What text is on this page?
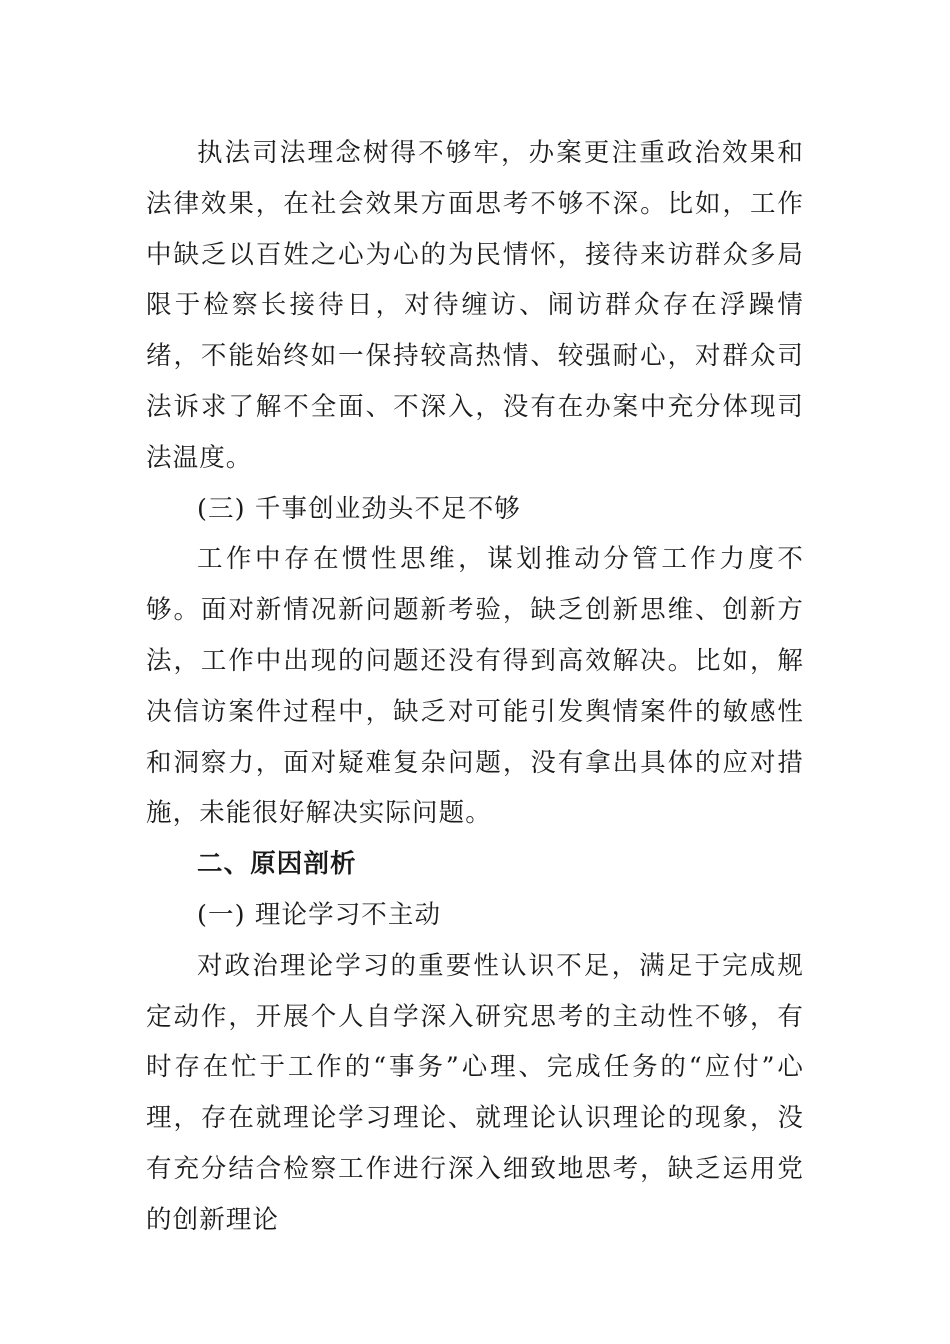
执法司法理念树得不够牢，办案更注重政治效果和法律效果，在社会效果方面思考不够不深。比如，工作中缺乏以百姓之心为心的为民情怀，接待来访群众多局限于检察长接待日，对待缠访、闹访群众存在浮躁情绪，不能始终如一保持较高热情、较强耐心，对群众司法诉求了解不全面、不深入，没有在办案中充分体现司法温度。

(三) 千事创业劲头不足不够

工作中存在惯性思维，谋划推动分管工作力度不够。面对新情况新问题新考验，缺乏创新思维、创新方法，工作中出现的问题还没有得到高效解决。比如，解决信访案件过程中，缺乏对可能引发舆情案件的敏感性和洞察力，面对疑难复杂问题，没有拿出具体的应对措施，未能很好解决实际问题。

二、原因剖析

(一) 理论学习不主动

对政治理论学习的重要性认识不足，满足于完成规定动作，开展个人自学深入研究思考的主动性不够，有时存在忙于工作的“事务”心理、完成任务的“应付”心理，存在就理论学习理论、就理论认识理论的现象，没有充分结合检察工作进行深入细致地思考，缺乏运用党的创新理论
